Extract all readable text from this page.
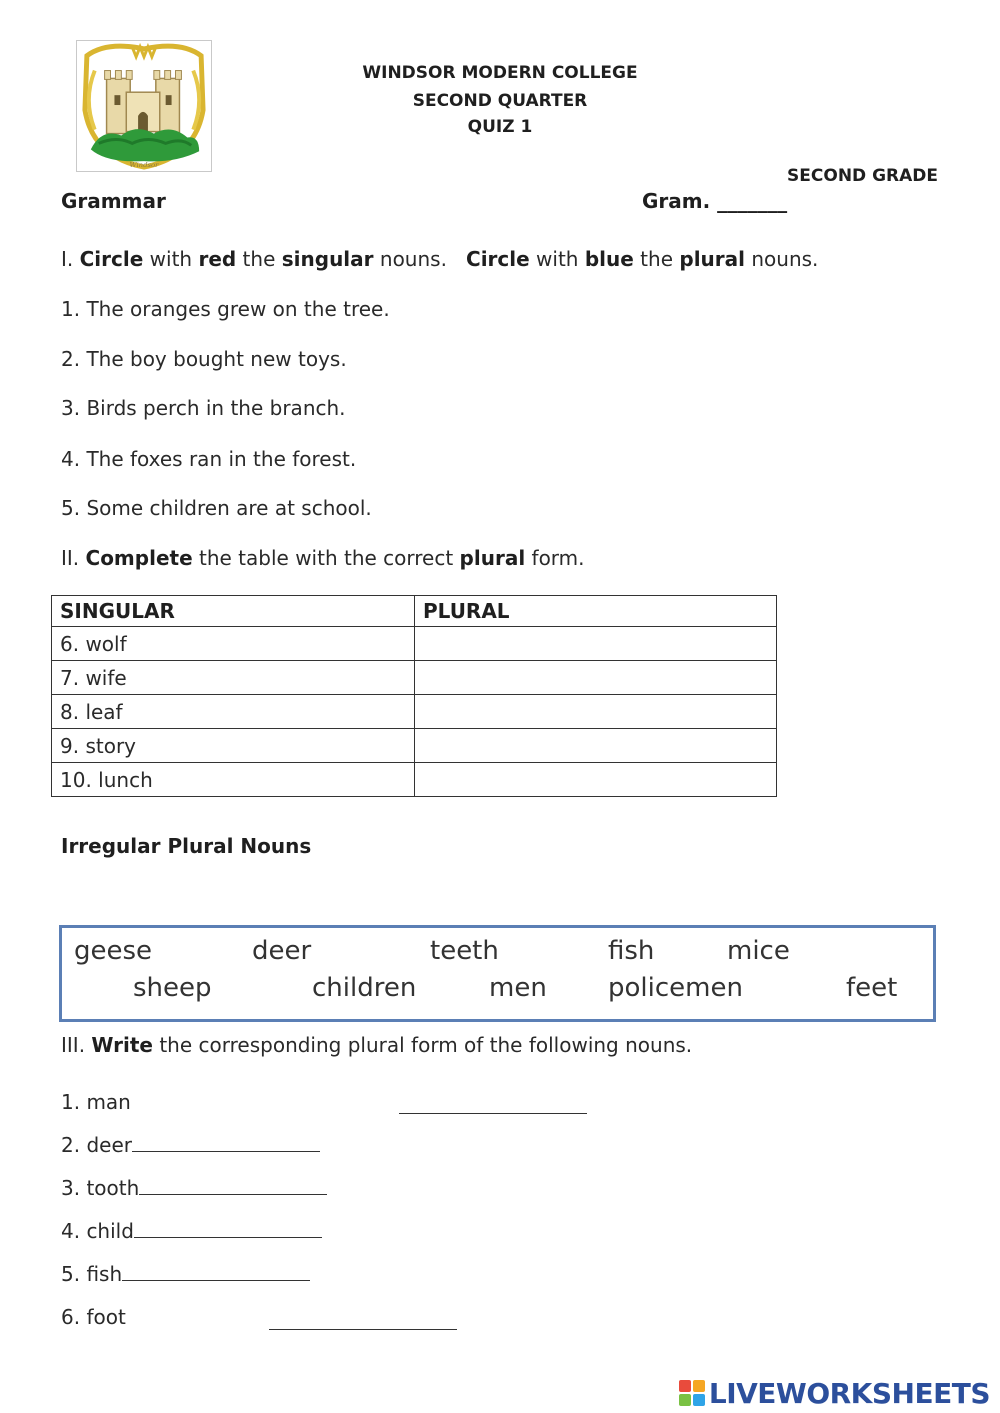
Windsor
WINDSOR MODERN COLLEGE
SECOND QUARTER
QUIZ 1
SECOND GRADE
Grammar	Gram. _______
I. Circle with red the singular nouns.   Circle with blue the plural nouns.
1. The oranges grew on the tree.
2. The boy bought new toys.
3. Birds perch in the branch.
4. The foxes ran in the forest.
5. Some children are at school.
II. Complete the table with the correct plural form.
SINGULAR	PLURAL
6. wolf	
7. wife	
8. leaf	
9. story	
10. lunch	
Irregular Plural Nouns
geese	deer	teeth	fish	mice
sheep	children	men policemen	feet
III. Write the corresponding plural form of the following nouns.
1. man
2. deer
3. tooth
4. child
5. fish
6. foot
LIVEWORKSHEETS
